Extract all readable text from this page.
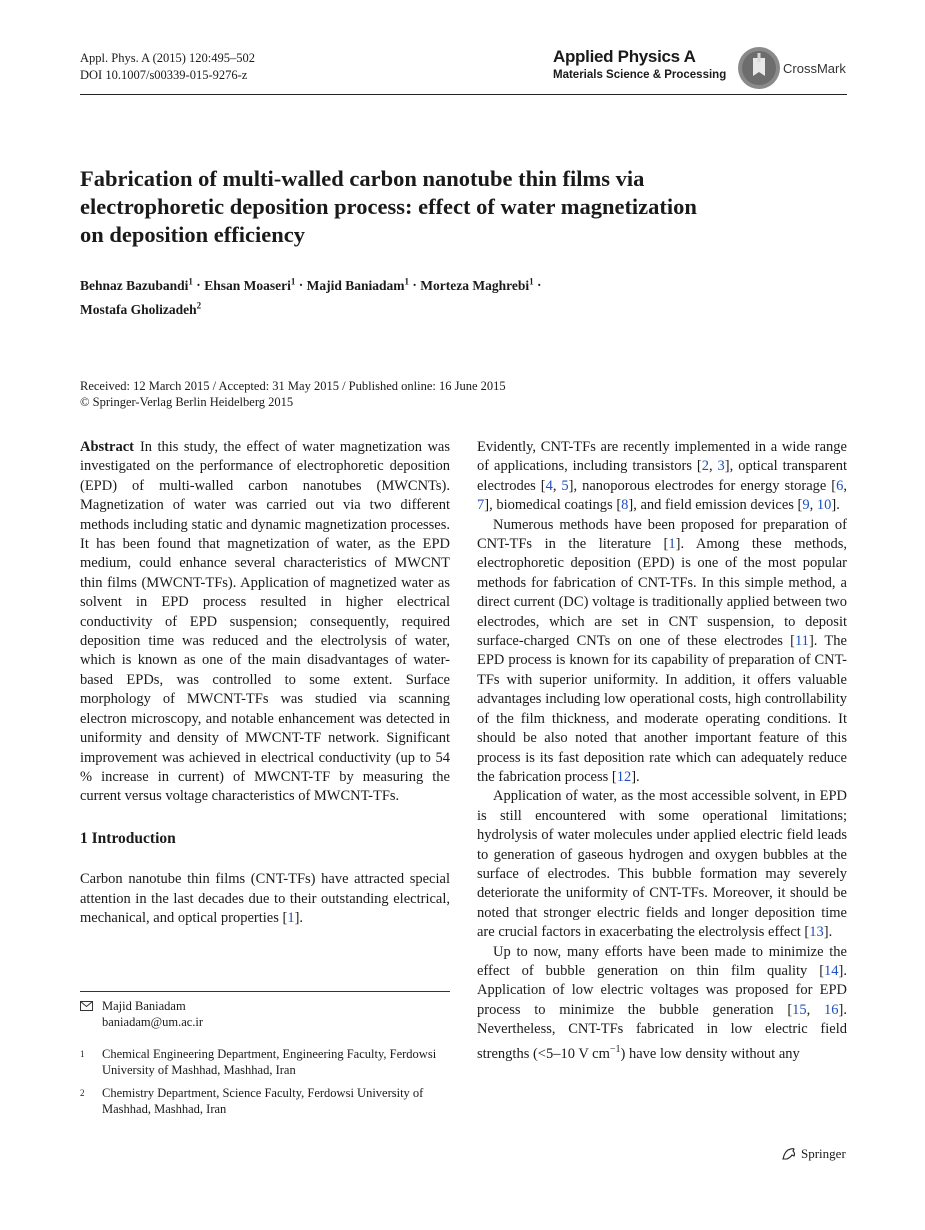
Appl. Phys. A (2015) 120:495–502
DOI 10.1007/s00339-015-9276-z
Applied Physics A
Materials Science & Processing	CrossMark
Fabrication of multi-walled carbon nanotube thin films via electrophoretic deposition process: effect of water magnetization on deposition efficiency
Behnaz Bazubandi$^1$ · Ehsan Moaseri$^1$ · Majid Baniadam$^1$ · Morteza Maghrebi$^1$ ·
Mostafa Gholizadeh$^2$
Received: 12 March 2015 / Accepted: 31 May 2015 / Published online: 16 June 2015
© Springer-Verlag Berlin Heidelberg 2015

Abstract In this study, the effect of water magnetization was investigated on the performance of electrophoretic deposition (EPD) of multi-walled carbon nanotubes (MWCNTs). Magnetization of water was carried out via two different methods including static and dynamic magnetization processes. It has been found that magnetization of water, as the EPD medium, could enhance several characteristics of MWCNT thin films (MWCNT-TFs). Application of magnetized water as solvent in EPD process resulted in higher electrical conductivity of EPD suspension; consequently, required deposition time was reduced and the electrolysis of water, which is known as one of the main disadvantages of water-based EPDs, was controlled to some extent. Surface morphology of MWCNT-TFs was studied via scanning electron microscopy, and notable enhancement was detected in uniformity and density of MWCNT-TF network. Significant improvement was achieved in electrical conductivity (up to 54 % increase in current) of MWCNT-TF by measuring the current versus voltage characteristics of MWCNT-TFs.

1 Introduction

Carbon nanotube thin films (CNT-TFs) have attracted special attention in the last decades due to their outstanding electrical, mechanical, and optical properties [1].

Evidently, CNT-TFs are recently implemented in a wide range of applications, including transistors [2, 3], optical transparent electrodes [4, 5], nanoporous electrodes for energy storage [6, 7], biomedical coatings [8], and field emission devices [9, 10].

Numerous methods have been proposed for preparation of CNT-TFs in the literature [1]. Among these methods, electrophoretic deposition (EPD) is one of the most popular methods for fabrication of CNT-TFs. In this simple method, a direct current (DC) voltage is traditionally applied between two electrodes, which are set in CNT suspension, to deposit surface-charged CNTs on one of these electrodes [11]. The EPD process is known for its capability of preparation of CNT-TFs with superior uniformity. In addition, it offers valuable advantages including low operational costs, high controllability of the film thickness, and moderate operating conditions. It should be also noted that another important feature of this process is its fast deposition rate which can adequately reduce the fabrication process [12].

Application of water, as the most accessible solvent, in EPD is still encountered with some operational limitations; hydrolysis of water molecules under applied electric field leads to generation of gaseous hydrogen and oxygen bubbles at the surface of electrodes. This bubble formation may severely deteriorate the uniformity of CNT-TFs. Moreover, it should be noted that stronger electric fields and longer deposition time are crucial factors in exacerbating the electrolysis effect [13].

Up to now, many efforts have been made to minimize the effect of bubble generation on thin film quality [14]. Application of low electric voltages was proposed for EPD process to minimize the bubble generation [15, 16]. Nevertheless, CNT-TFs fabricated in low electric field strengths (<5–10 V $cm^{-1}$) have low density without any

Majid Baniadam
baniadam@um.ac.ir
1 Chemical Engineering Department, Engineering Faculty, Ferdowsi University of Mashhad, Mashhad, Iran
2 Chemistry Department, Science Faculty, Ferdowsi University of Mashhad, Mashhad, Iran
Springer
